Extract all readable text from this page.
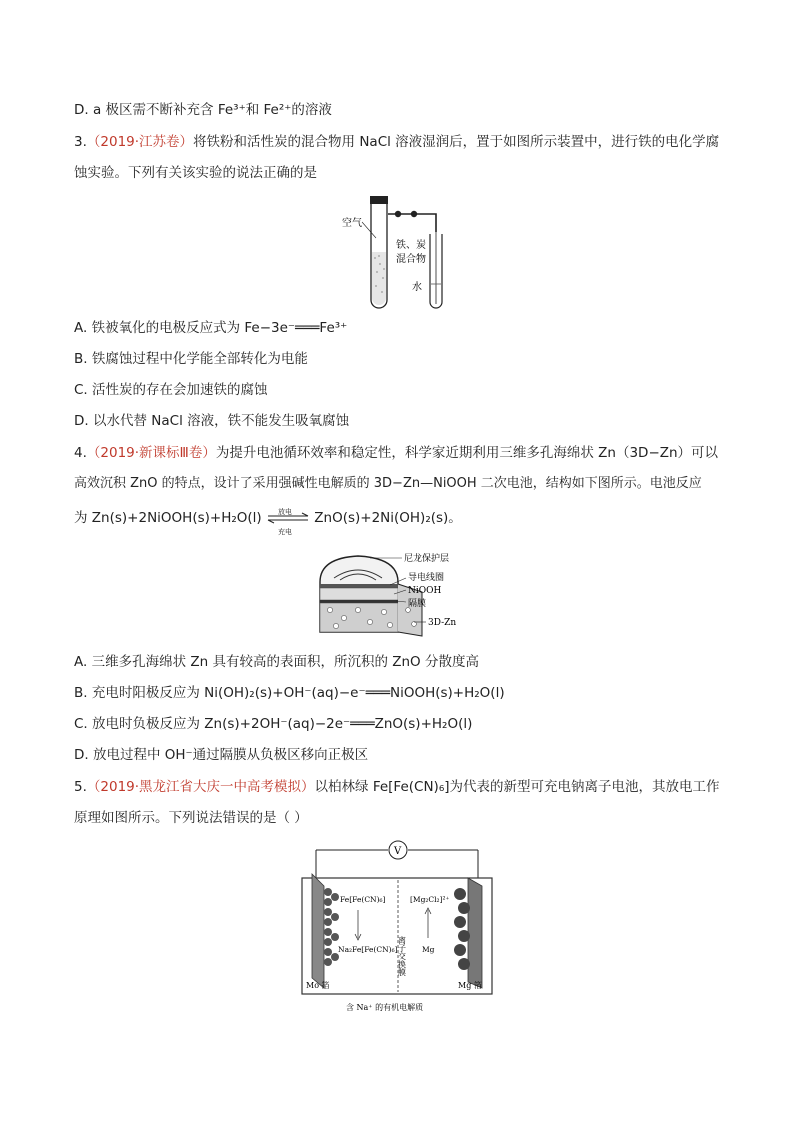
D. a 极区需不断补充含 Fe³⁺和 Fe²⁺的溶液
3.（2019·江苏卷）将铁粉和活性炭的混合物用 NaCl 溶液湿润后，置于如图所示装置中，进行铁的电化学腐
蚀实验。下列有关该实验的说法正确的是
空气
铁、炭
混合物
水
A. 铁被氧化的电极反应式为 Fe−3e⁻═══Fe³⁺
B. 铁腐蚀过程中化学能全部转化为电能
C. 活性炭的存在会加速铁的腐蚀
D. 以水代替 NaCl 溶液，铁不能发生吸氧腐蚀
4.（2019·新课标Ⅲ卷）为提升电池循环效率和稳定性，科学家近期利用三维多孔海绵状 Zn（3D−Zn）可以
高效沉积 ZnO 的特点，设计了采用强碱性电解质的 3D−Zn—NiOOH 二次电池，结构如下图所示。电池反应
为 Zn(s)+2NiOOH(s)+H₂O(l) 放电
充电
ZnO(s)+2Ni(OH)₂(s)。
尼龙保护层
导电线圈
NiOOH
隔膜
3D-Zn
A. 三维多孔海绵状 Zn 具有较高的表面积，所沉积的 ZnO 分散度高
B. 充电时阳极反应为 Ni(OH)₂(s)+OH⁻(aq)−e⁻═══NiOOH(s)+H₂O(l)
C. 放电时负极反应为 Zn(s)+2OH⁻(aq)−2e⁻═══ZnO(s)+H₂O(l)
D. 放电过程中 OH⁻通过隔膜从负极区移向正极区
5.（2019·黑龙江省大庆一中高考模拟）以柏林绿 Fe[Fe(CN)₆]为代表的新型可充电钠离子电池，其放电工作
原理如图所示。下列说法错误的是（ ）
V
Fe[Fe(CN)₆]
Na₂Fe[Fe(CN)₆]
[Mg₂Cl₂]²⁺
Mg
离子交换膜
Mo 箔	Mg 箔
含 Na⁺ 的有机电解质
